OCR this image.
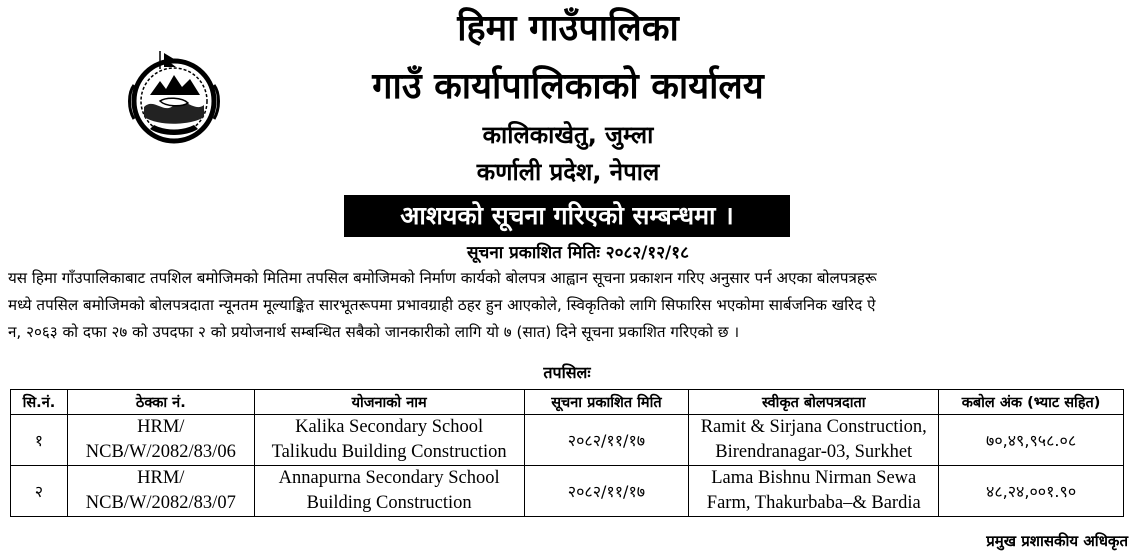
हिमा गाउँपालिका
गाउँ कार्यापालिकाको कार्यालय
कालिकाखेतु, जुम्ला
कर्णाली प्रदेश, नेपाल
आशयको सूचना गरिएको सम्बन्धमा ।
सूचना प्रकाशित मितिः २०८२/१२/१८
यस हिमा गाँउपालिकाबाट तपशिल बमोजिमको मितिमा तपसिल बमोजिमको निर्माण कार्यको बोलपत्र आह्वान सूचना प्रकाशन गरिए अनुसार पर्न अएका बोलपत्रहरू
मध्ये तपसिल बमोजिमको बोलपत्रदाता न्यूनतम मूल्याङ्कित सारभूतरूपमा प्रभावग्राही ठहर हुन आएकोले, स्विकृतिको लागि सिफारिस भएकोमा सार्बजनिक खरिद ऐ
न, २०६३ को दफा २७ को उपदफा २ को प्रयोजनार्थ सम्बन्धित सबैको जानकारीको लागि यो ७ (सात) दिने सूचना प्रकाशित गरिएको छ ।
तपसिलः
सि.नं.	ठेक्का नं.	योजनाको नाम	सूचना प्रकाशित मिति	स्वीकृत बोलपत्रदाता	कबोल अंक (भ्याट सहित)
१	HRM/
NCB/W/2082/83/06	Kalika Secondary School
Talikudu Building Construction	२०८२/११/१७	Ramit & Sirjana Construction,
Birendranagar-03, Surkhet	७०,४९,९५८.०८
२	HRM/
NCB/W/2082/83/07	Annapurna Secondary School
Building Construction	२०८२/११/१७	Lama Bishnu Nirman Sewa
Farm, Thakurbaba–& Bardia	४८,२४,००१.९०
प्रमुख प्रशासकीय अधिकृत
